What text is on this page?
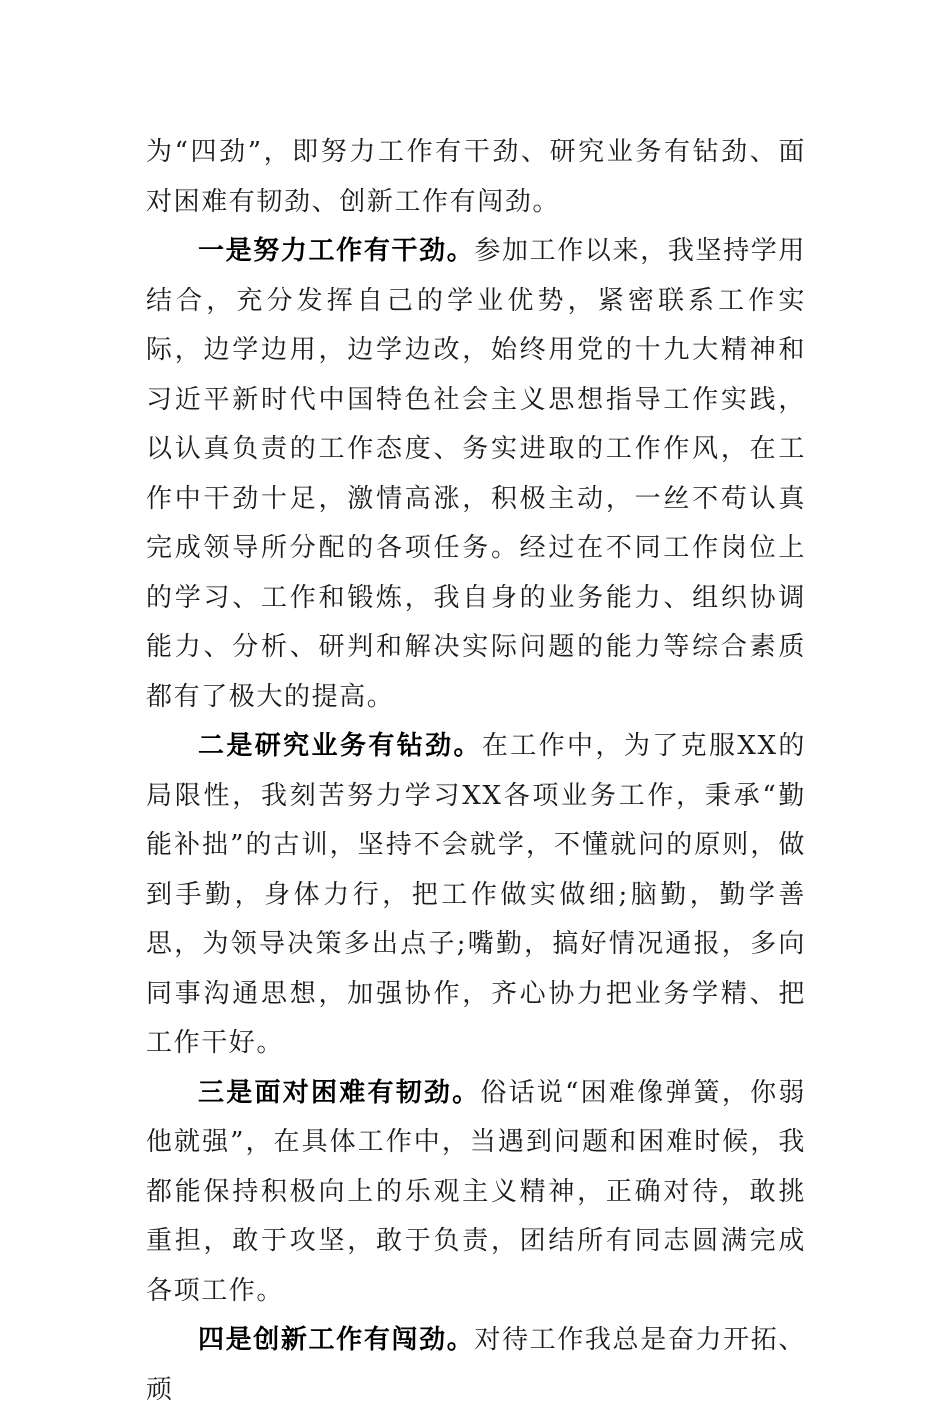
为“四劲”，即努力工作有干劲、研究业务有钻劲、面对困难有韧劲、创新工作有闯劲。

一是努力工作有干劲。参加工作以来，我坚持学用结合，充分发挥自己的学业优势，紧密联系工作实际，边学边用，边学边改，始终用党的十九大精神和习近平新时代中国特色社会主义思想指导工作实践，以认真负责的工作态度、务实进取的工作作风，在工作中干劲十足，激情高涨，积极主动，一丝不苟认真完成领导所分配的各项任务。经过在不同工作岗位上的学习、工作和锻炼，我自身的业务能力、组织协调能力、分析、研判和解决实际问题的能力等综合素质都有了极大的提高。

二是研究业务有钻劲。在工作中，为了克服XX的局限性，我刻苦努力学习XX各项业务工作，秉承“勤能补拙”的古训，坚持不会就学，不懂就问的原则，做到手勤，身体力行，把工作做实做细;脑勤，勤学善思，为领导决策多出点子;嘴勤，搞好情况通报，多向同事沟通思想，加强协作，齐心协力把业务学精、把工作干好。

三是面对困难有韧劲。俗话说“困难像弹簧，你弱他就强”，在具体工作中，当遇到问题和困难时候，我都能保持积极向上的乐观主义精神，正确对待，敢挑重担，敢于攻坚，敢于负责，团结所有同志圆满完成各项工作。

四是创新工作有闯劲。对待工作我总是奋力开拓、顽
